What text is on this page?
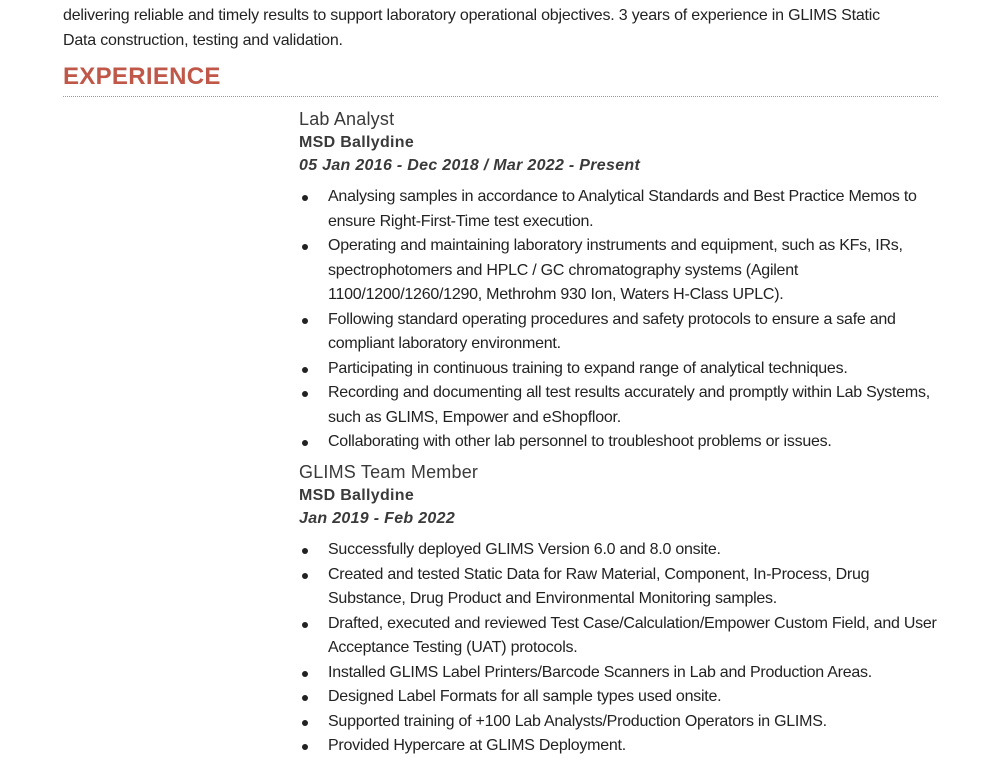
delivering reliable and timely results to support laboratory operational objectives. 3 years of experience in GLIMS Static

Data construction, testing and validation.

EXPERIENCE
Lab Analyst
MSD Ballydine
05 Jan 2016 - Dec 2018 / Mar 2022 - Present
Analysing samples in accordance to Analytical Standards and Best Practice Memos to ensure Right-First-Time test execution.
Operating and maintaining laboratory instruments and equipment, such as KFs, IRs, spectrophotomers and HPLC / GC chromatography systems (Agilent 1100/1200/1260/1290, Methrohm 930 Ion, Waters H-Class UPLC).
Following standard operating procedures and safety protocols to ensure a safe and compliant laboratory environment.
Participating in continuous training to expand range of analytical techniques.
Recording and documenting all test results accurately and promptly within Lab Systems, such as GLIMS, Empower and eShopfloor.
Collaborating with other lab personnel to troubleshoot problems or issues.
GLIMS Team Member
MSD Ballydine
Jan 2019 - Feb 2022
Successfully deployed GLIMS Version 6.0 and 8.0 onsite.
Created and tested Static Data for Raw Material, Component, In-Process, Drug Substance, Drug Product and Environmental Monitoring samples.
Drafted, executed and reviewed Test Case/Calculation/Empower Custom Field, and User Acceptance Testing (UAT) protocols.
Installed GLIMS Label Printers/Barcode Scanners in Lab and Production Areas.
Designed Label Formats for all sample types used onsite.
Supported training of +100 Lab Analysts/Production Operators in GLIMS.
Provided Hypercare at GLIMS Deployment.
